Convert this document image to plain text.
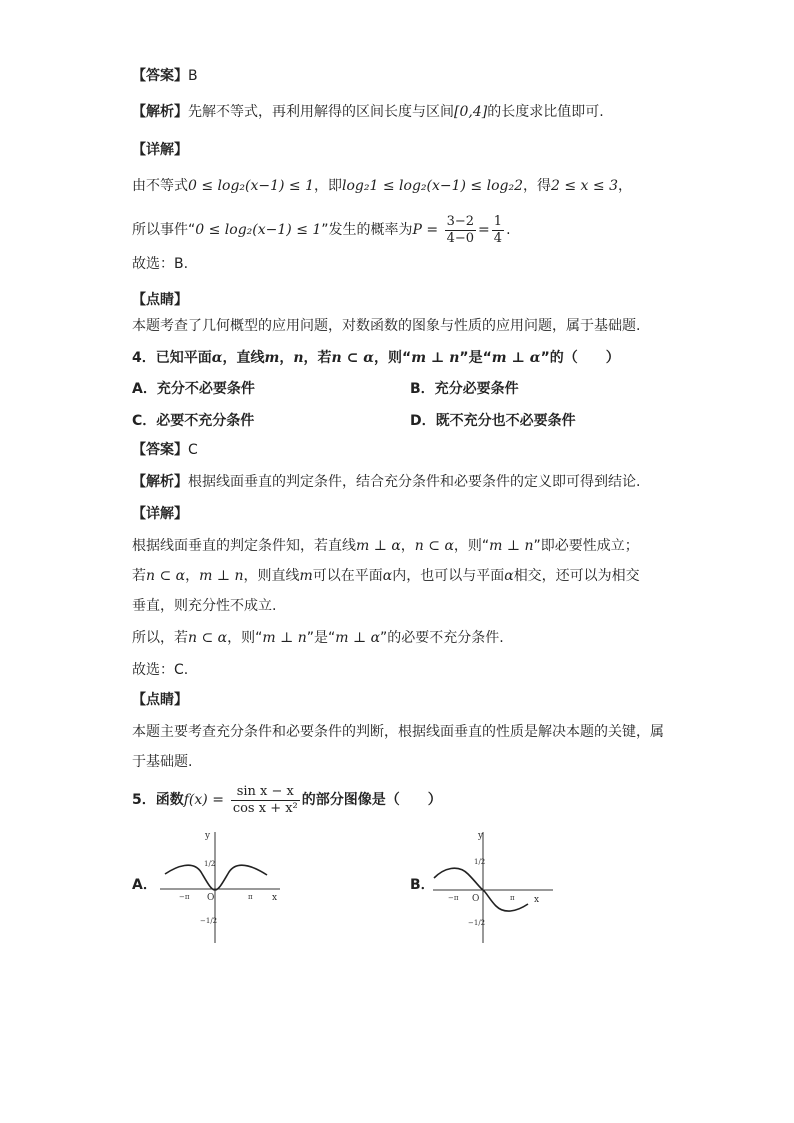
【答案】B
【解析】先解不等式，再利用解得的区间长度与区间[0,4]的长度求比值即可.
【详解】
由不等式0 ≤ log₂(x−1) ≤ 1，即log₂1 ≤ log₂(x−1) ≤ log₂2，得2 ≤ x ≤ 3，
所以事件“0 ≤ log₂(x−1) ≤ 1”发生的概率为$P = \frac{3-2}{4-0} = \frac{1}{4}$ .
故选：B.
【点睛】
本题考查了几何概型的应用问题，对数函数的图象与性质的应用问题，属于基础题.
4．已知平面α，直线m，n，若n ⊂ α，则“m ⊥ n”是“m ⊥ α”的（　　）
A．充分不必要条件	B．充分必要条件
C．必要不充分条件	D．既不充分也不必要条件
【答案】C
【解析】根据线面垂直的判定条件，结合充分条件和必要条件的定义即可得到结论.
【详解】
根据线面垂直的判定条件知，若直线m ⊥ α，n ⊂ α，则“m ⊥ n”即必要性成立；
若n ⊂ α，m ⊥ n，则直线m可以在平面α内，也可以与平面α相交，还可以为相交
垂直，则充分性不成立.
所以，若n ⊂ α，则“m ⊥ n”是“m ⊥ α”的必要不充分条件.
故选：C.
【点睛】
本题主要考查充分条件和必要条件的判断，根据线面垂直的性质是解决本题的关键，属
于基础题.
5．函数$f(x) = \frac{\text{sin x − x}}{\text{cos x + x²}}$ 的部分图像是（　　）
A．	B．
y
x
O
1/2
−1/2
−π	π
y
x
O
1/2
−1/2
−π	π
